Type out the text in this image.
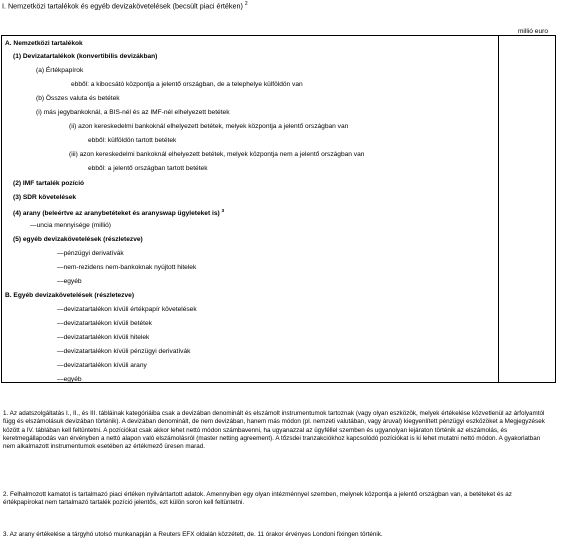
I. Nemzetközi tartalékok és egyéb devizakövetelések (becsült piaci értéken) $^2$
millió euro
A. Nemzetközi tartalékok
(1) Devizatartalékok (konvertibilis devizákban)
(a) Értékpapírok
ebből: a kibocsátó központja a jelentő országban, de a telephelye külföldön van
(b) Összes valuta és betétek
(i) más jegybankoknál, a BIS-nél és az IMF-nél elhelyezett betétek
(ii) azon kereskedelmi bankoknál elhelyezett betétek, melyek központja a jelentő országban van
ebből: külföldön tartott betétek
(iii) azon kereskedelmi bankoknál elhelyezett betétek, melyek központja nem a jelentő országban van
ebből: a jelentő országban tartott betétek
(2) IMF tartalék pozíció
(3) SDR követelések
(4) arany (beleértve az aranybetéteket és aranyswap ügyleteket is) $^3$
—uncia mennyisége (millió)
(5) egyéb devizakövetelések (részletezve)
—pénzügyi derivatívák
—nem-rezidens nem-bankoknak nyújtott hitelek
—egyéb
B. Egyéb devizakövetelések (részletezve)
—devizatartalékon kívüli értékpapír követelések
—devizatartalékon kívüli betétek
—devizatartalékon kívüli hitelek
—devizatartalékon kívüli pénzügyi derivatívák
—devizatartalékon kívüli arany
—egyéb
1. Az adatszolgáltatás I., II., és III. tábláinak kategóriáiba csak a devizában denominált és elszámolt instrumentumok tartoznak (vagy olyan eszközök, melyek értékelése közvetlenül az árfolyamtól függ és elszámolásuk devizában történik). A devizában denominált, de nem devizában, hanem más módon (pl. nemzeti valutában, vagy áruval) kiegyenlített pénzügyi eszközöket a Megjegyzések között a IV. táblában kell feltüntetni. A pozíciókat csak akkor lehet nettó módon számbavenni, ha ugyanazzal az ügyféllel szemben és ugyanolyan lejáraton történik az elszámolás, és keretmegállapodás van érvényben a nettó alapon való elszámolásról (master netting agreement). A tőzsdei tranzakciókhoz kapcsolódó pozíciókat is ki lehet mutatni nettó módon. A gyakorlatban nem alkalmazott instrumentumok esetében az értékmező üresen marad.
2. Felhalmozott kamatot is tartalmazó piaci értéken nyilvántartott adatok. Amennyiben egy olyan intézménnyel szemben, melynek központja a jelentő országban van, a betéteket és az értékpapírokat nem tartalmazó tartalék pozíció jelentős, ezt külön soron kell feltüntetni.
3. Az arany értékelése a tárgyhó utolsó munkanapján a Reuters EFX oldalán közzétett, de. 11 órakor érvényes Londoni fixingen történik.
